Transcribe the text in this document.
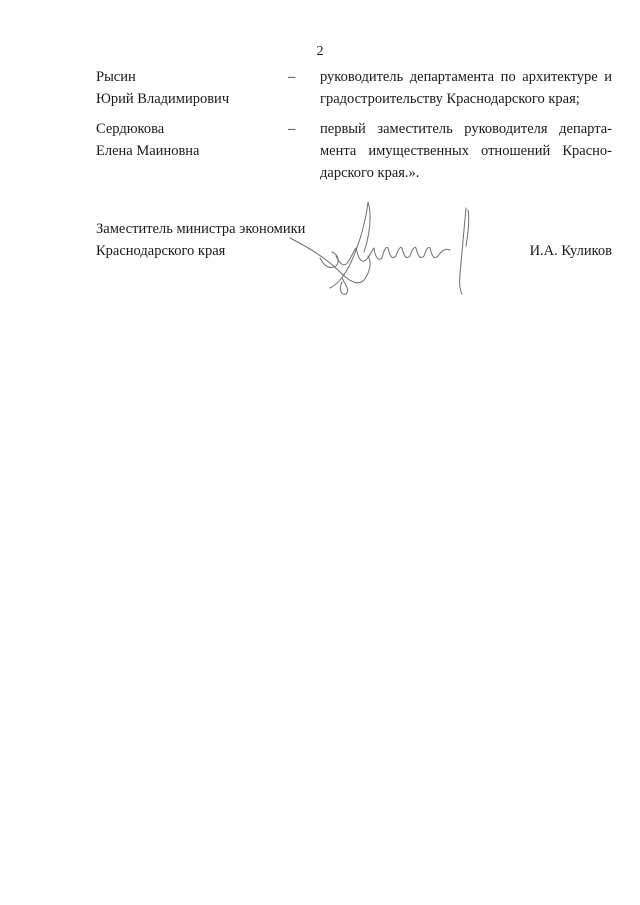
2
Рысин
Юрий Владимирович
– руководитель департамента по архитектуре и
градостроительству Краснодарского края;
Сердюкова
Елена Маиновна
– первый заместитель руководителя департа-
мента имущественных отношений Красно-
дарского края.».
Заместитель министра экономики
Краснодарского края	И.А. Куликов
